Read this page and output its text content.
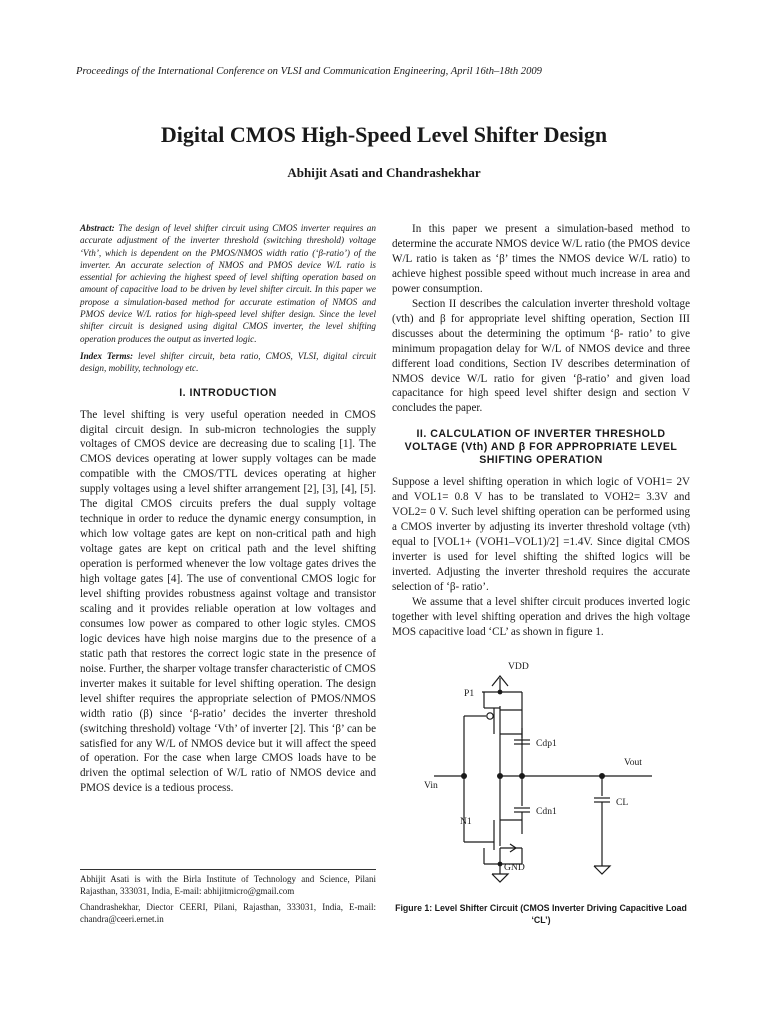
Proceedings of the International Conference on VLSI and Communication Engineering, April 16th–18th 2009
Digital CMOS High-Speed Level Shifter Design
Abhijit Asati and Chandrashekhar

Abstract: The design of level shifter circuit using CMOS inverter requires an accurate adjustment of the inverter threshold (switching threshold) voltage ‘Vth’, which is dependent on the PMOS/NMOS width ratio (‘β-ratio’) of the inverter. An accurate selection of NMOS and PMOS device W/L ratio is essential for achieving the highest speed of level shifting operation based on amount of capacitive load to be driven by level shifter circuit. In this paper we propose a simulation-based method for accurate estimation of NMOS and PMOS device W/L ratios for high-speed level shifter design. Since the level shifter circuit is designed using digital CMOS inverter, the level shifting operation produces the output as inverted logic.

Index Terms: level shifter circuit, beta ratio, CMOS, VLSI, digital circuit design, mobility, technology etc.

I. INTRODUCTION

The level shifting is very useful operation needed in CMOS digital circuit design. In sub-micron technologies the supply voltages of CMOS device are decreasing due to scaling [1]. The CMOS devices operating at lower supply voltages can be made compatible with the CMOS/TTL devices operating at higher supply voltages using a level shifter arrangement [2], [3], [4], [5]. The digital CMOS circuits prefers the dual supply voltage technique in order to reduce the dynamic energy consumption, in which low voltage gates are kept on non-critical path and high voltage gates are kept on critical path and the level shifting operation is performed whenever the low voltage gates drives the high voltage gates [4]. The use of conventional CMOS logic for level shifting provides robustness against voltage and transistor scaling and it provides reliable operation at low voltages and consumes low power as compared to other logic styles. CMOS logic devices have high noise margins due to the presence of a static path that restores the correct logic state in the presence of noise. Further, the sharper voltage transfer characteristic of CMOS inverter makes it suitable for level shifting operation. The design level shifter requires the appropriate selection of PMOS/NMOS width ratio (β) since ‘β-ratio’ decides the inverter threshold (switching threshold) voltage ‘Vth’ of inverter [2]. This ‘β’ can be satisfied for any W/L of NMOS device but it will affect the speed of operation. For the case when large CMOS loads have to be driven the optimal selection of W/L ratio of NMOS device and PMOS device is a tedious process.

In this paper we present a simulation-based method to determine the accurate NMOS device W/L ratio (the PMOS device W/L ratio is taken as ‘β’ times the NMOS device W/L ratio) to achieve highest possible speed without much increase in area and power consumption.

Section II describes the calculation inverter threshold voltage (vth) and β for appropriate level shifting operation, Section III discusses about the determining the optimum ‘β- ratio’ to give minimum propagation delay for W/L of NMOS device and three different load conditions, Section IV describes determination of NMOS device W/L ratio for given ‘β-ratio’ and given load capacitance for high speed level shifter design and section V concludes the paper.

II. CALCULATION OF INVERTER THRESHOLD VOLTAGE (Vth) AND β FOR APPROPRIATE LEVEL SHIFTING OPERATION

Suppose a level shifting operation in which logic of VOH1= 2V and VOL1= 0.8 V has to be translated to VOH2= 3.3V and VOL2= 0 V. Such level shifting operation can be performed using a CMOS inverter by adjusting its inverter threshold voltage (vth) equal to [VOL1+ (VOH1–VOL1)/2] =1.4V. Since digital CMOS inverter is used for level shifting the shifted logics will be inverted. Adjusting the inverter threshold requires the accurate selection of ‘β- ratio’.

We assume that a level shifter circuit produces inverted logic together with level shifting operation and drives the high voltage MOS capacitive load ‘CL’ as shown in figure 1.

VDD
P1
Cdp1
Vout
Vin
CL
Cdn1
N1
GND
Figure 1: Level Shifter Circuit (CMOS Inverter Driving Capacitive Load ‘CL’)
Abhijit Asati is with the Birla Institute of Technology and Science, Pilani Rajasthan, 333031, India, E-mail: abhijitmicro@gmail.com
Chandrashekhar, Diector CEERI, Pilani, Rajasthan, 333031, India, E-mail: chandra@ceeri.ernet.in
